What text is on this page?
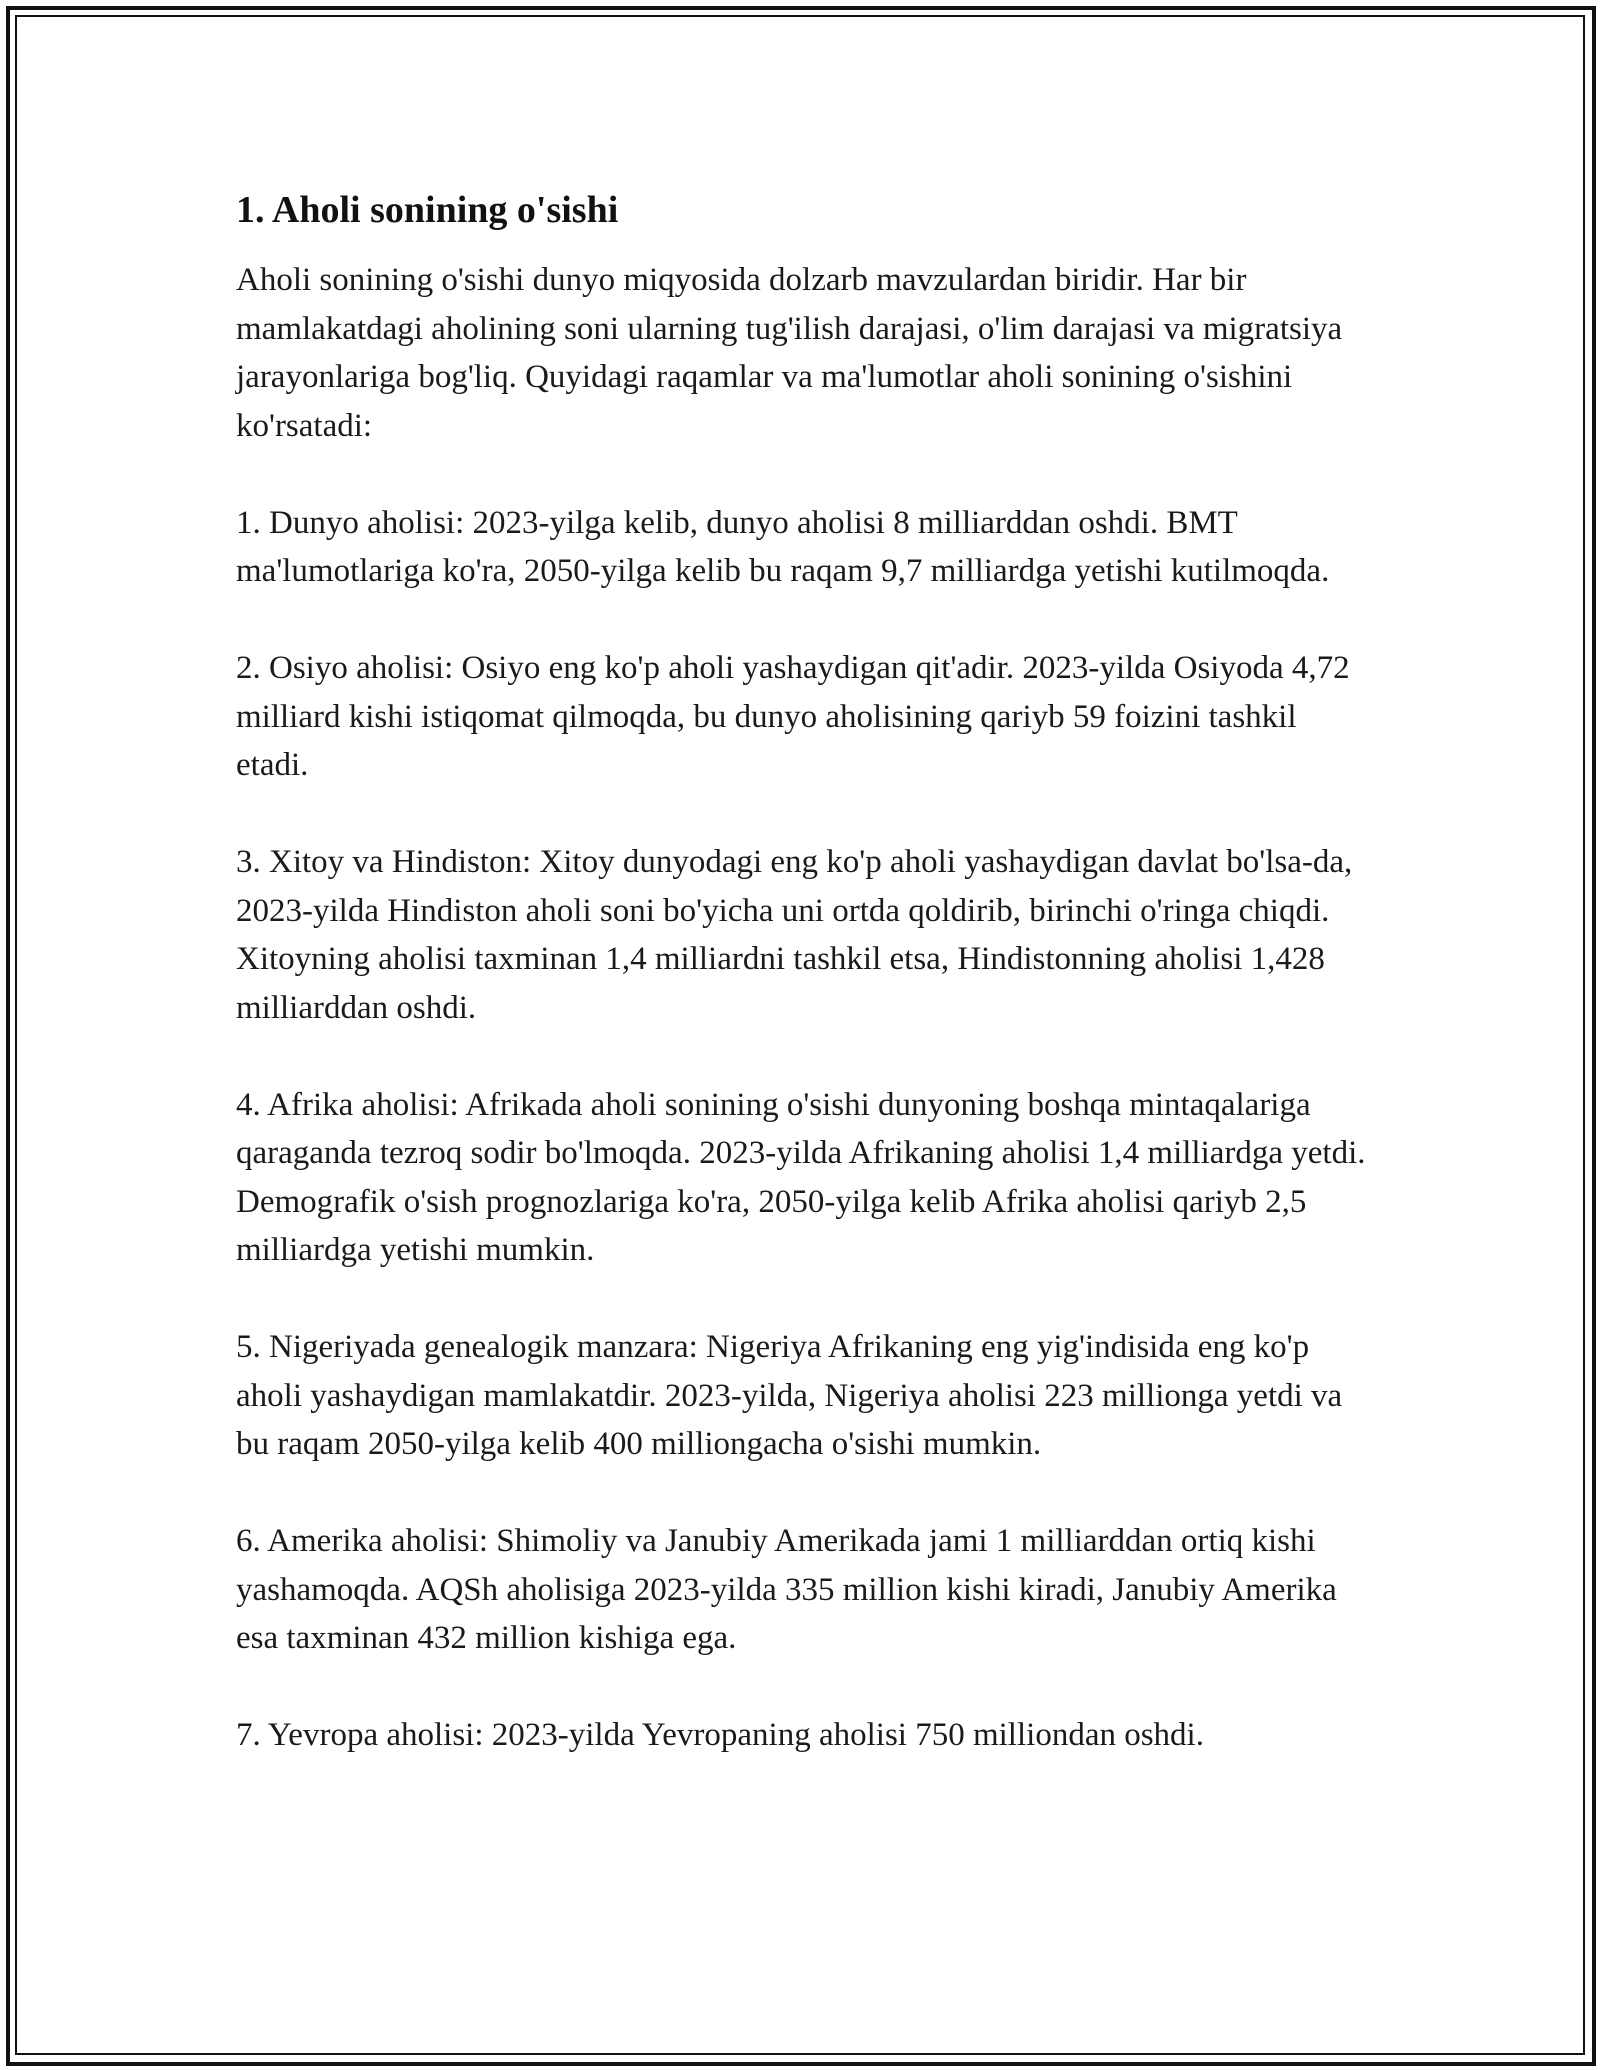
1. Aholi sonining o'sishi

Aholi sonining o'sishi dunyo miqyosida dolzarb mavzulardan biridir. Har bir mamlakatdagi aholining soni ularning tug'ilish darajasi, o'lim darajasi va migratsiya jarayonlariga bog'liq. Quyidagi raqamlar va ma'lumotlar aholi sonining o'sishini ko'rsatadi:

1. Dunyo aholisi: 2023-yilga kelib, dunyo aholisi 8 milliarddan oshdi. BMT ma'lumotlariga ko'ra, 2050-yilga kelib bu raqam 9,7 milliardga yetishi kutilmoqda.

2. Osiyo aholisi: Osiyo eng ko'p aholi yashaydigan qit'adir. 2023-yilda Osiyoda 4,72 milliard kishi istiqomat qilmoqda, bu dunyo aholisining qariyb 59 foizini tashkil etadi.

3. Xitoy va Hindiston: Xitoy dunyodagi eng ko'p aholi yashaydigan davlat bo'lsa-da, 2023-yilda Hindiston aholi soni bo'yicha uni ortda qoldirib, birinchi o'ringa chiqdi. Xitoyning aholisi taxminan 1,4 milliardni tashkil etsa, Hindistonning aholisi 1,428 milliarddan oshdi.

4. Afrika aholisi: Afrikada aholi sonining o'sishi dunyoning boshqa mintaqalariga qaraganda tezroq sodir bo'lmoqda. 2023-yilda Afrikaning aholisi 1,4 milliardga yetdi. Demografik o'sish prognozlariga ko'ra, 2050-yilga kelib Afrika aholisi qariyb 2,5 milliardga yetishi mumkin.

5. Nigeriyada genealogik manzara: Nigeriya Afrikaning eng yig'indisida eng ko'p aholi yashaydigan mamlakatdir. 2023-yilda, Nigeriya aholisi 223 millionga yetdi va bu raqam 2050-yilga kelib 400 milliongacha o'sishi mumkin.

6. Amerika aholisi: Shimoliy va Janubiy Amerikada jami 1 milliarddan ortiq kishi yashamoqda. AQSh aholisiga 2023-yilda 335 million kishi kiradi, Janubiy Amerika esa taxminan 432 million kishiga ega.

7. Yevropa aholisi: 2023-yilda Yevropaning aholisi 750 milliondan oshdi.
